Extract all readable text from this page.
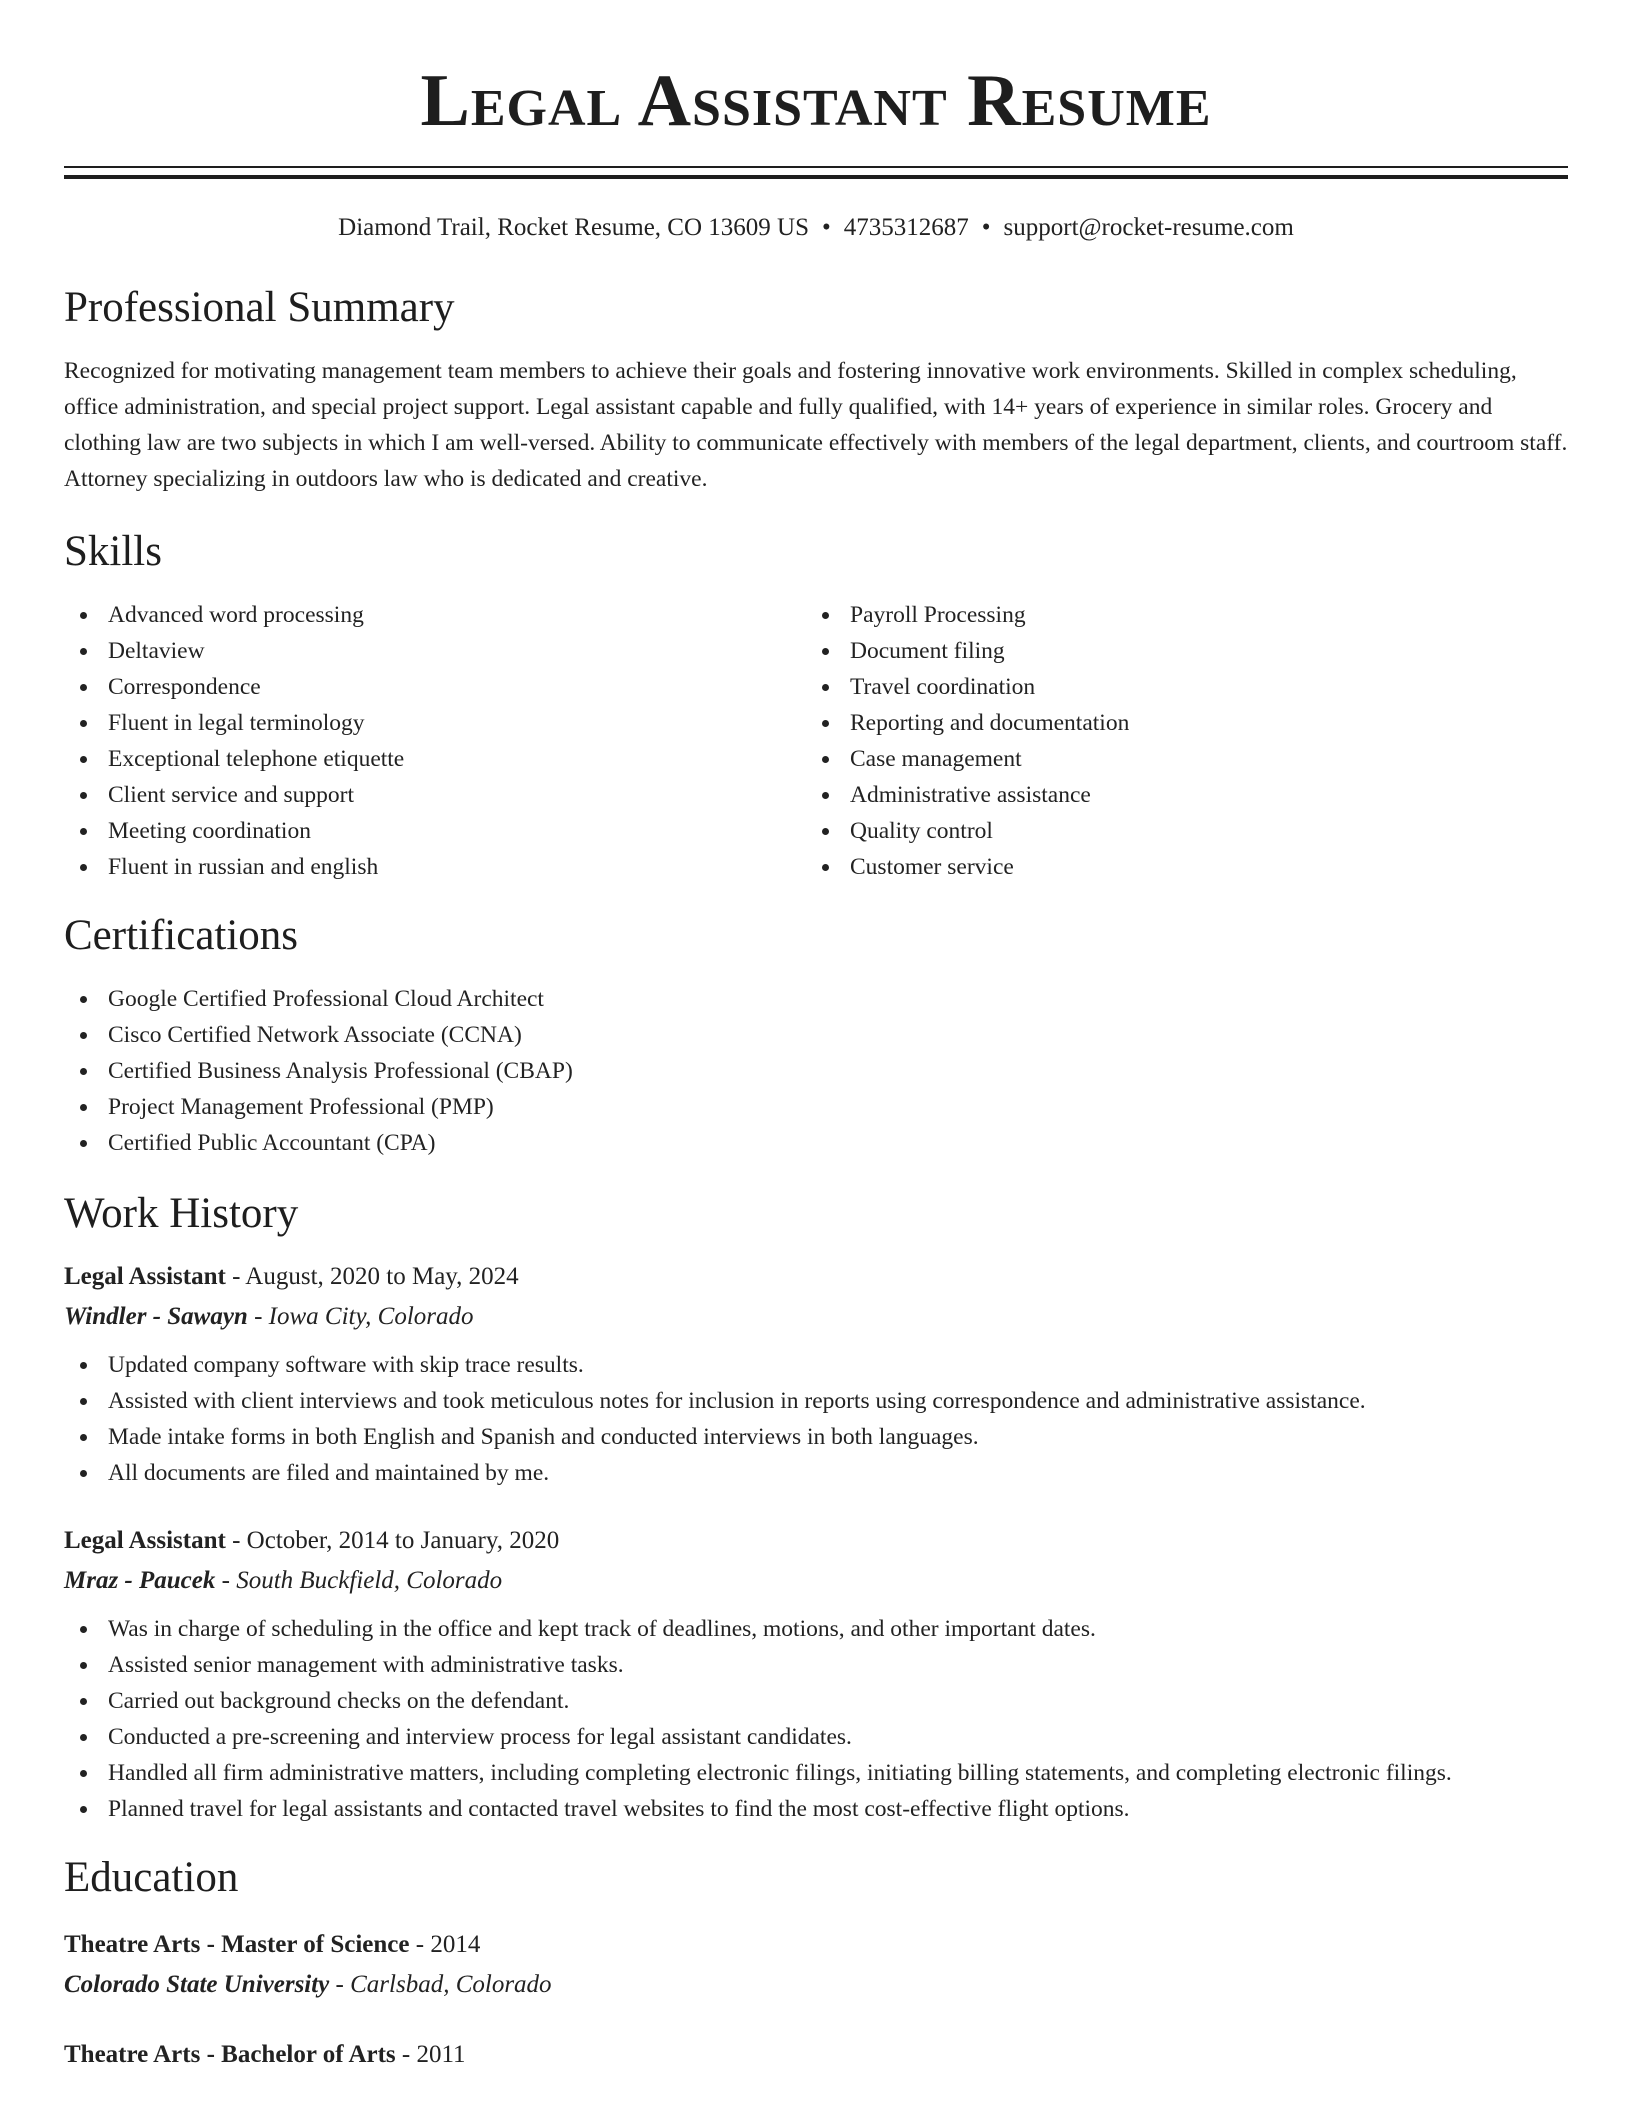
Legal Assistant Resume
Diamond Trail, Rocket Resume, CO 13609 US • 4735312687 • support@rocket-resume.com
Professional Summary

Recognized for motivating management team members to achieve their goals and fostering innovative work environments. Skilled in complex scheduling, office administration, and special project support. Legal assistant capable and fully qualified, with 14+ years of experience in similar roles. Grocery and clothing law are two subjects in which I am well-versed. Ability to communicate effectively with members of the legal department, clients, and courtroom staff. Attorney specializing in outdoors law who is dedicated and creative.

Skills
Advanced word processing
Deltaview
Correspondence
Fluent in legal terminology
Exceptional telephone etiquette
Client service and support
Meeting coordination
Fluent in russian and english
Payroll Processing
Document filing
Travel coordination
Reporting and documentation
Case management
Administrative assistance
Quality control
Customer service
Certifications
Google Certified Professional Cloud Architect
Cisco Certified Network Associate (CCNA)
Certified Business Analysis Professional (CBAP)
Project Management Professional (PMP)
Certified Public Accountant (CPA)
Work History
Legal Assistant - August, 2020 to May, 2024
Windler - Sawayn - Iowa City, Colorado
Updated company software with skip trace results.
Assisted with client interviews and took meticulous notes for inclusion in reports using correspondence and administrative assistance.
Made intake forms in both English and Spanish and conducted interviews in both languages.
All documents are filed and maintained by me.
Legal Assistant - October, 2014 to January, 2020
Mraz - Paucek - South Buckfield, Colorado
Was in charge of scheduling in the office and kept track of deadlines, motions, and other important dates.
Assisted senior management with administrative tasks.
Carried out background checks on the defendant.
Conducted a pre-screening and interview process for legal assistant candidates.
Handled all firm administrative matters, including completing electronic filings, initiating billing statements, and completing electronic filings.
Planned travel for legal assistants and contacted travel websites to find the most cost-effective flight options.
Education
Theatre Arts - Master of Science - 2014
Colorado State University - Carlsbad, Colorado
Theatre Arts - Bachelor of Arts - 2011
